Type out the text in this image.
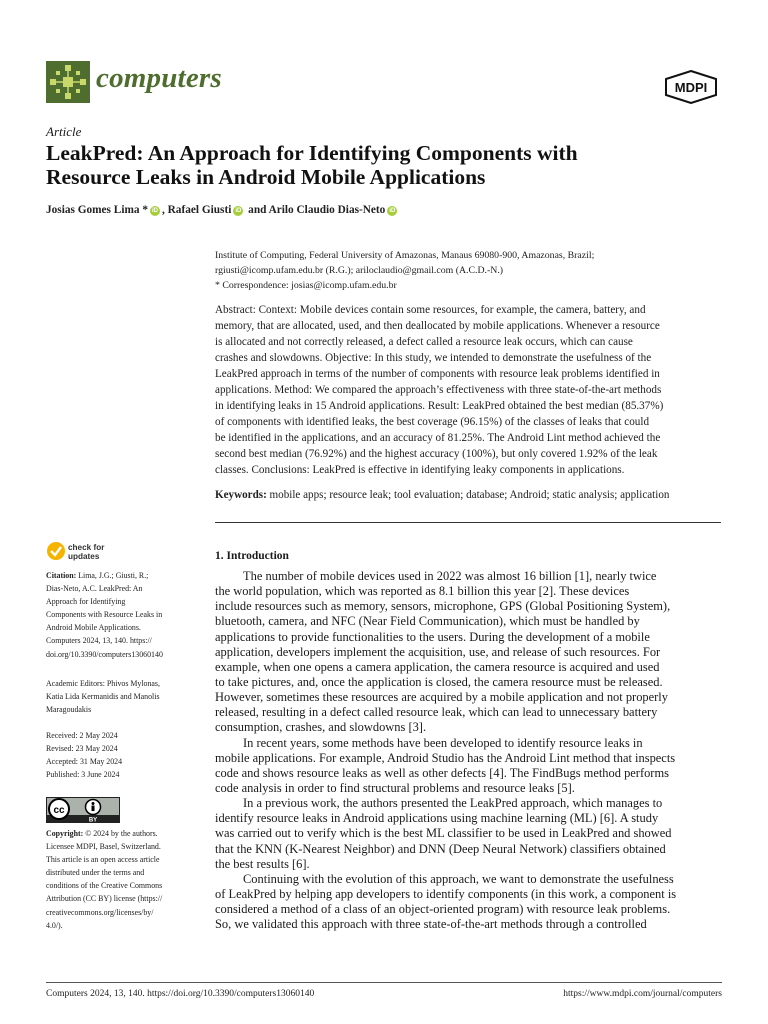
computers	MDPI
Article
LeakPred: An Approach for Identifying Components with
Resource Leaks in Android Mobile Applications
Josias Gomes Lima * iD , Rafael Giusti iD and Arilo Claudio Dias-Neto iD
Institute of Computing, Federal University of Amazonas, Manaus 69080-900, Amazonas, Brazil;
rgiusti@icomp.ufam.edu.br (R.G.); ariloclaudio@gmail.com (A.C.D.-N.)
* Correspondence: josias@icomp.ufam.edu.br
Abstract: Context: Mobile devices contain some resources, for example, the camera, battery, and
memory, that are allocated, used, and then deallocated by mobile applications. Whenever a resource
is allocated and not correctly released, a defect called a resource leak occurs, which can cause
crashes and slowdowns. Objective: In this study, we intended to demonstrate the usefulness of the
LeakPred approach in terms of the number of components with resource leak problems identified in
applications. Method: We compared the approach’s effectiveness with three state-of-the-art methods
in identifying leaks in 15 Android applications. Result: LeakPred obtained the best median (85.37%)
of components with identified leaks, the best coverage (96.15%) of the classes of leaks that could
be identified in the applications, and an accuracy of 81.25%. The Android Lint method achieved the
second best median (76.92%) and the highest accuracy (100%), but only covered 1.92% of the leak
classes. Conclusions: LeakPred is effective in identifying leaky components in applications.
Keywords: mobile apps; resource leak; tool evaluation; database; Android; static analysis; application
check for
updates
Citation: Lima, J.G.; Giusti, R.;
Dias-Neto, A.C. LeakPred: An
Approach for Identifying
Components with Resource Leaks in
Android Mobile Applications.
Computers 2024, 13, 140. https://
doi.org/10.3390/computers13060140
Academic Editors: Phivos Mylonas,
Katia Lida Kermanidis and Manolis
Maragoudakis
Received: 2 May 2024
Revised: 23 May 2024
Accepted: 31 May 2024
Published: 3 June 2024
cc
BY
Copyright: © 2024 by the authors.
Licensee MDPI, Basel, Switzerland.
This article is an open access article
distributed under the terms and
conditions of the Creative Commons
Attribution (CC BY) license (https://
creativecommons.org/licenses/by/
4.0/).
1. Introduction
The number of mobile devices used in 2022 was almost 16 billion [1], nearly twice
the world population, which was reported as 8.1 billion this year [2]. These devices
include resources such as memory, sensors, microphone, GPS (Global Positioning System),
bluetooth, camera, and NFC (Near Field Communication), which must be handled by
applications to provide functionalities to the users. During the development of a mobile
application, developers implement the acquisition, use, and release of such resources. For
example, when one opens a camera application, the camera resource is acquired and used
to take pictures, and, once the application is closed, the camera resource must be released.
However, sometimes these resources are acquired by a mobile application and not properly
released, resulting in a defect called resource leak, which can lead to unnecessary battery
consumption, crashes, and slowdowns [3].
In recent years, some methods have been developed to identify resource leaks in
mobile applications. For example, Android Studio has the Android Lint method that inspects
code and shows resource leaks as well as other defects [4]. The FindBugs method performs
code analysis in order to find structural problems and resource leaks [5].
In a previous work, the authors presented the LeakPred approach, which manages to
identify resource leaks in Android applications using machine learning (ML) [6]. A study
was carried out to verify which is the best ML classifier to be used in LeakPred and showed
that the KNN (K-Nearest Neighbor) and DNN (Deep Neural Network) classifiers obtained
the best results [6].
Continuing with the evolution of this approach, we want to demonstrate the usefulness
of LeakPred by helping app developers to identify components (in this work, a component is
considered a method of a class of an object-oriented program) with resource leak problems.
So, we validated this approach with three state-of-the-art methods through a controlled
Computers 2024, 13, 140. https://doi.org/10.3390/computers13060140	https://www.mdpi.com/journal/computers
